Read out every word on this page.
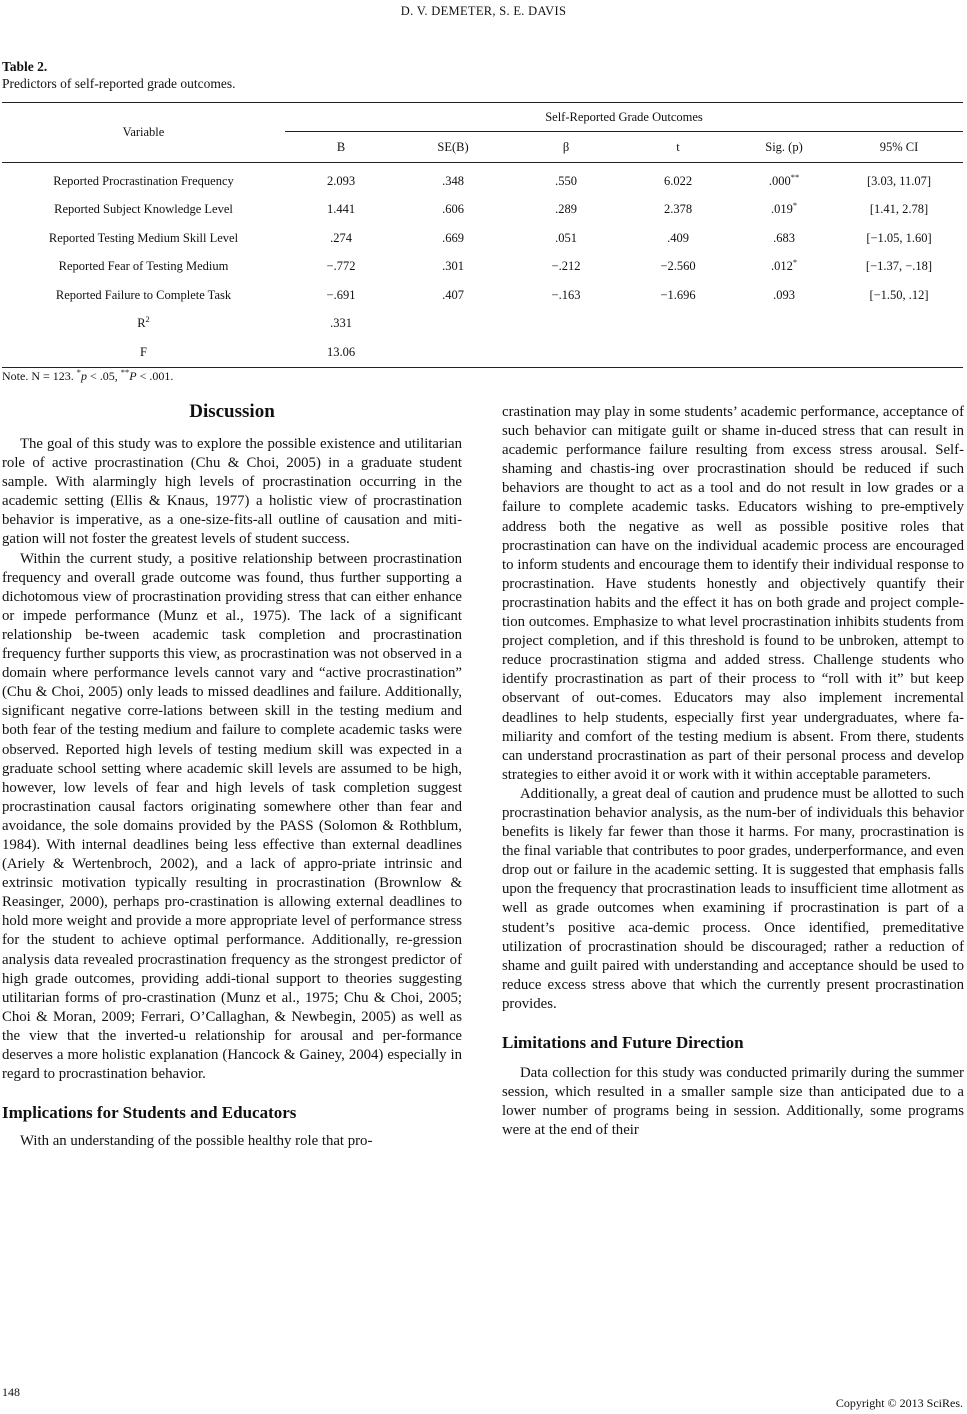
D. V. DEMETER, S. E. DAVIS
Table 2.
Predictors of self-reported grade outcomes.
Variable	Self-Reported Grade Outcomes					
	B	SE(B)	β	t	Sig. (p)	95% CI
Reported Procrastination Frequency	2.093	.348	.550	6.022	.000**	[3.03, 11.07]
Reported Subject Knowledge Level	1.441	.606	.289	2.378	.019*	[1.41, 2.78]
Reported Testing Medium Skill Level	.274	.669	.051	.409	.683	[−1.05, 1.60]
Reported Fear of Testing Medium	−.772	.301	−.212	−2.560	.012*	[−1.37, −.18]
Reported Failure to Complete Task	−.691	.407	−.163	−1.696	.093	[−1.50, .12]
$R^2$	.331					
F	13.06					
Note. N = 123. *p < .05, **P < .001.
Discussion

The goal of this study was to explore the possible existence and utilitarian role of active procrastination (Chu & Choi, 2005) in a graduate student sample. With alarmingly high levels of procrastination occurring in the academic setting (Ellis & Knaus, 1977) a holistic view of procrastination behavior is imperative, as a one-size-fits-all outline of causation and miti-gation will not foster the greatest levels of student success.

Within the current study, a positive relationship between procrastination frequency and overall grade outcome was found, thus further supporting a dichotomous view of procrastination providing stress that can either enhance or impede performance (Munz et al., 1975). The lack of a significant relationship be-tween academic task completion and procrastination frequency further supports this view, as procrastination was not observed in a domain where performance levels cannot vary and “active procrastination” (Chu & Choi, 2005) only leads to missed deadlines and failure. Additionally, significant negative corre-lations between skill in the testing medium and both fear of the testing medium and failure to complete academic tasks were observed. Reported high levels of testing medium skill was expected in a graduate school setting where academic skill levels are assumed to be high, however, low levels of fear and high levels of task completion suggest procrastination causal factors originating somewhere other than fear and avoidance, the sole domains provided by the PASS (Solomon & Rothblum, 1984). With internal deadlines being less effective than external deadlines (Ariely & Wertenbroch, 2002), and a lack of appro-priate intrinsic and extrinsic motivation typically resulting in procrastination (Brownlow & Reasinger, 2000), perhaps pro-crastination is allowing external deadlines to hold more weight and provide a more appropriate level of performance stress for the student to achieve optimal performance. Additionally, re-gression analysis data revealed procrastination frequency as the strongest predictor of high grade outcomes, providing addi-tional support to theories suggesting utilitarian forms of pro-crastination (Munz et al., 1975; Chu & Choi, 2005; Choi & Moran, 2009; Ferrari, O’Callaghan, & Newbegin, 2005) as well as the view that the inverted-u relationship for arousal and per-formance deserves a more holistic explanation (Hancock & Gainey, 2004) especially in regard to procrastination behavior.

Implications for Students and Educators

With an understanding of the possible healthy role that pro-

crastination may play in some students’ academic performance, acceptance of such behavior can mitigate guilt or shame in-duced stress that can result in academic performance failure resulting from excess stress arousal. Self-shaming and chastis-ing over procrastination should be reduced if such behaviors are thought to act as a tool and do not result in low grades or a failure to complete academic tasks. Educators wishing to pre-emptively address both the negative as well as possible positive roles that procrastination can have on the individual academic process are encouraged to inform students and encourage them to identify their individual response to procrastination. Have students honestly and objectively quantify their procrastination habits and the effect it has on both grade and project comple-tion outcomes. Emphasize to what level procrastination inhibits students from project completion, and if this threshold is found to be unbroken, attempt to reduce procrastination stigma and added stress. Challenge students who identify procrastination as part of their process to “roll with it” but keep observant of out-comes. Educators may also implement incremental deadlines to help students, especially first year undergraduates, where fa-miliarity and comfort of the testing medium is absent. From there, students can understand procrastination as part of their personal process and develop strategies to either avoid it or work with it within acceptable parameters.

Additionally, a great deal of caution and prudence must be allotted to such procrastination behavior analysis, as the num-ber of individuals this behavior benefits is likely far fewer than those it harms. For many, procrastination is the final variable that contributes to poor grades, underperformance, and even drop out or failure in the academic setting. It is suggested that emphasis falls upon the frequency that procrastination leads to insufficient time allotment as well as grade outcomes when examining if procrastination is part of a student’s positive aca-demic process. Once identified, premeditative utilization of procrastination should be discouraged; rather a reduction of shame and guilt paired with understanding and acceptance should be used to reduce excess stress above that which the currently present procrastination provides.

Limitations and Future Direction

Data collection for this study was conducted primarily during the summer session, which resulted in a smaller sample size than anticipated due to a lower number of programs being in session. Additionally, some programs were at the end of their

148
Copyright © 2013 SciRes.
